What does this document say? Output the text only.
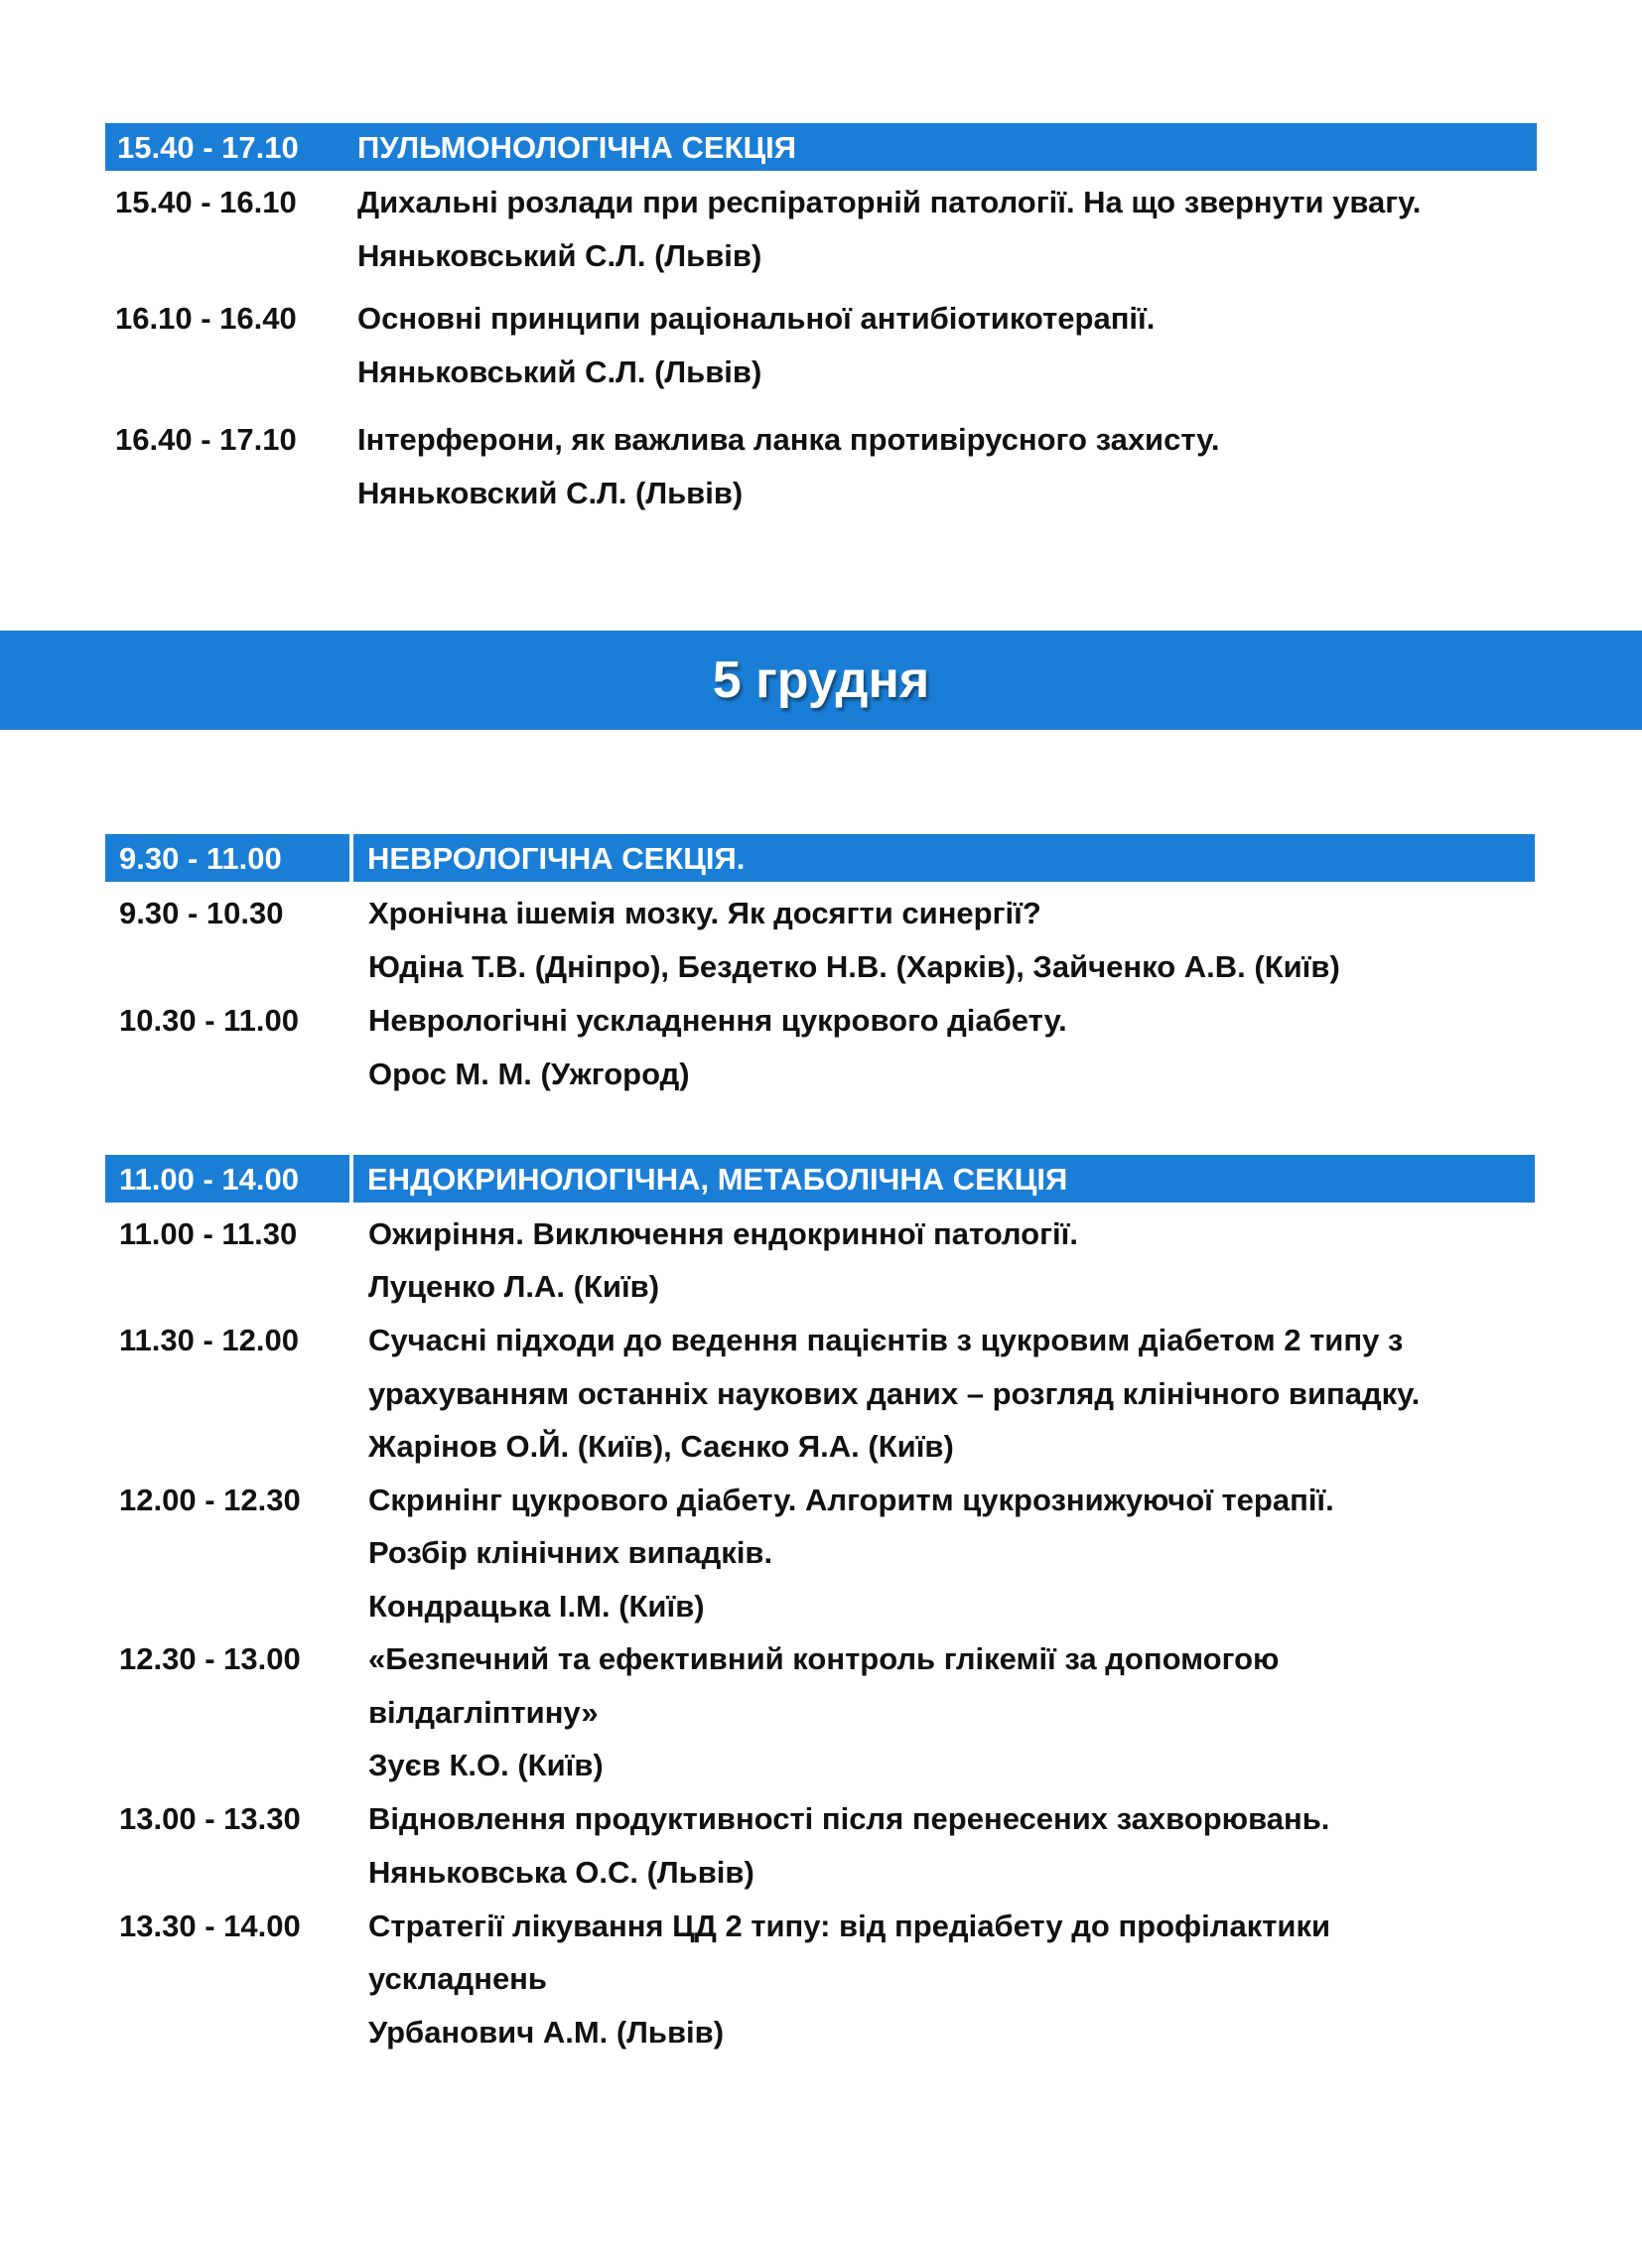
15.40 - 17.10 ПУЛЬМОНОЛОГІЧНА СЕКЦІЯ
15.40 - 16.10 Дихальні розлади при респіраторній патології. На що звернути увагу.
Няньковський С.Л. (Львів)
16.10 - 16.40 Основні принципи раціональної антибіотикотерапії.
Няньковський С.Л. (Львів)
16.40 - 17.10 Інтерферони, як важлива ланка противірусного захисту.
Няньковский С.Л. (Львів)
5 грудня
9.30 - 11.00	НЕВРОЛОГІЧНА СЕКЦІЯ.
9.30 - 10.30	Хронічна ішемія мозку. Як досягти синергії?
Юдіна Т.В. (Дніпро), Бездетко Н.В. (Харків), Зайченко А.В. (Київ)
10.30 - 11.00 Неврологічні ускладнення цукрового діабету.
Орос М. М. (Ужгород)
11.00 - 14.00 ЕНДОКРИНОЛОГІЧНА, МЕТАБОЛІЧНА СЕКЦІЯ
11.00 - 11.30 Ожиріння. Виключення ендокринної патології.
Луценко Л.А. (Київ)
11.30 - 12.00 Сучасні підходи до ведення пацієнтів з цукровим діабетом 2 типу з
урахуванням останніх наукових даних – розгляд клінічного випадку.
Жарінов О.Й. (Київ), Саєнко Я.А. (Київ)
12.00 - 12.30 Скринінг цукрового діабету. Алгоритм цукрознижуючої терапії.
Розбір клінічних випадків.
Кондрацька І.М. (Київ)
12.30 - 13.00 «Безпечний та ефективний контроль глікемії за допомогою
вілдагліптину»
Зуєв К.О. (Київ)
13.00 - 13.30 Відновлення продуктивності після перенесених захворювань.
Няньковська О.С. (Львів)
13.30 - 14.00 Стратегії лікування ЦД 2 типу: від предіабету до профілактики
ускладнень
Урбанович А.М. (Львів)
